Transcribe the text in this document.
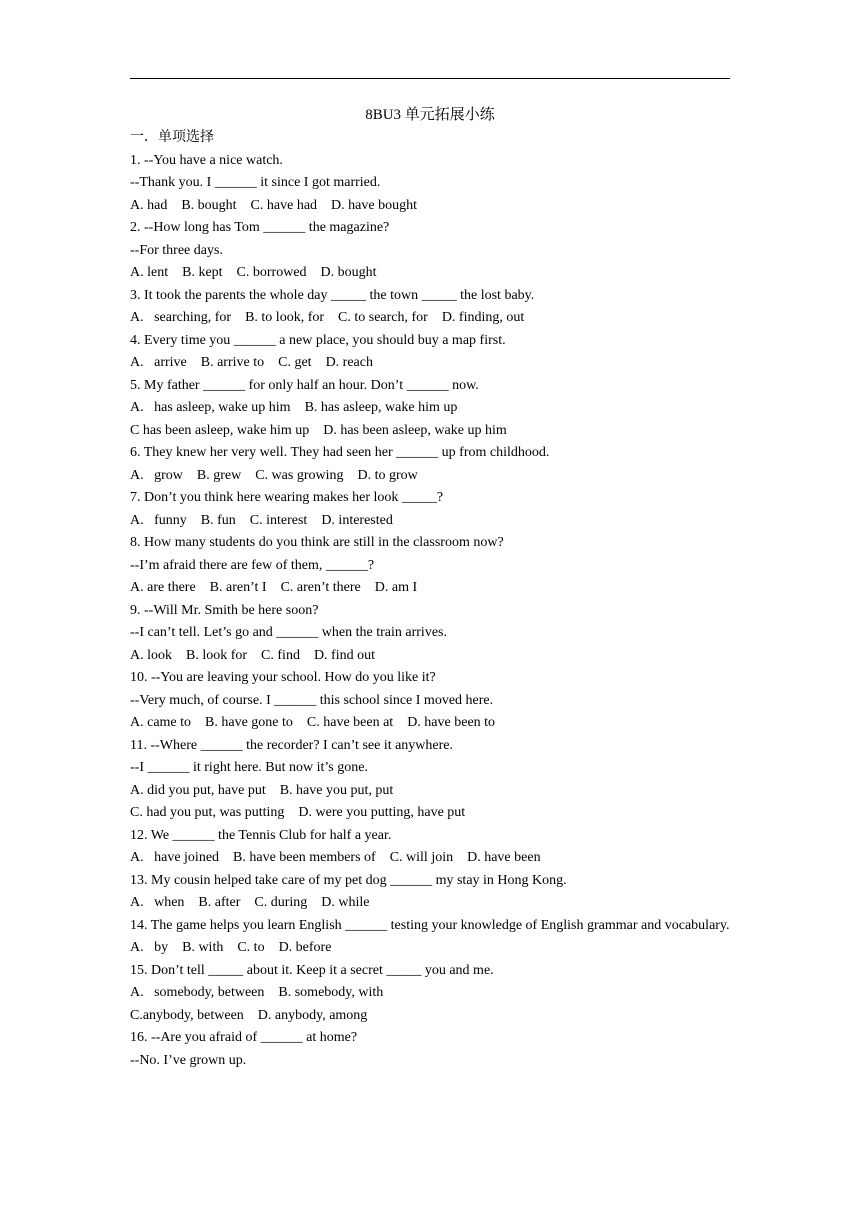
8BU3 单元拓展小练
一．单项选择
1. --You have a nice watch.
--Thank you. I ______ it since I got married.
A. had    B. bought    C. have had    D. have bought
2. --How long has Tom ______ the magazine?
--For three days.
A. lent    B. kept    C. borrowed    D. bought
3. It took the parents the whole day _____ the town _____ the lost baby.
A.   searching, for    B. to look, for    C. to search, for    D. finding, out
4. Every time you ______ a new place, you should buy a map first.
A.   arrive    B. arrive to    C. get    D. reach
5. My father ______ for only half an hour. Don’t ______ now.
A.   has asleep, wake up him    B. has asleep, wake him up
C has been asleep, wake him up    D. has been asleep, wake up him
6. They knew her very well. They had seen her ______ up from childhood.
A.   grow    B. grew    C. was growing    D. to grow
7. Don’t you think here wearing makes her look _____?
A.   funny    B. fun    C. interest    D. interested
8. How many students do you think are still in the classroom now?
--I’m afraid there are few of them, ______?
A. are there    B. aren’t I    C. aren’t there    D. am I
9. --Will Mr. Smith be here soon?
--I can’t tell. Let’s go and ______ when the train arrives.
A. look    B. look for    C. find    D. find out
10. --You are leaving your school. How do you like it?
--Very much, of course. I ______ this school since I moved here.
A. came to    B. have gone to    C. have been at    D. have been to
11. --Where ______ the recorder? I can’t see it anywhere.
--I ______ it right here. But now it’s gone.
A. did you put, have put    B. have you put, put
C. had you put, was putting    D. were you putting, have put
12. We ______ the Tennis Club for half a year.
A.   have joined    B. have been members of    C. will join    D. have been
13. My cousin helped take care of my pet dog ______ my stay in Hong Kong.
A.   when    B. after    C. during    D. while
14. The game helps you learn English ______ testing your knowledge of English grammar and vocabulary.
A.   by    B. with    C. to    D. before
15. Don’t tell _____ about it. Keep it a secret _____ you and me.
A.   somebody, between    B. somebody, with
C.anybody, between    D. anybody, among
16. --Are you afraid of ______ at home?
--No. I’ve grown up.
